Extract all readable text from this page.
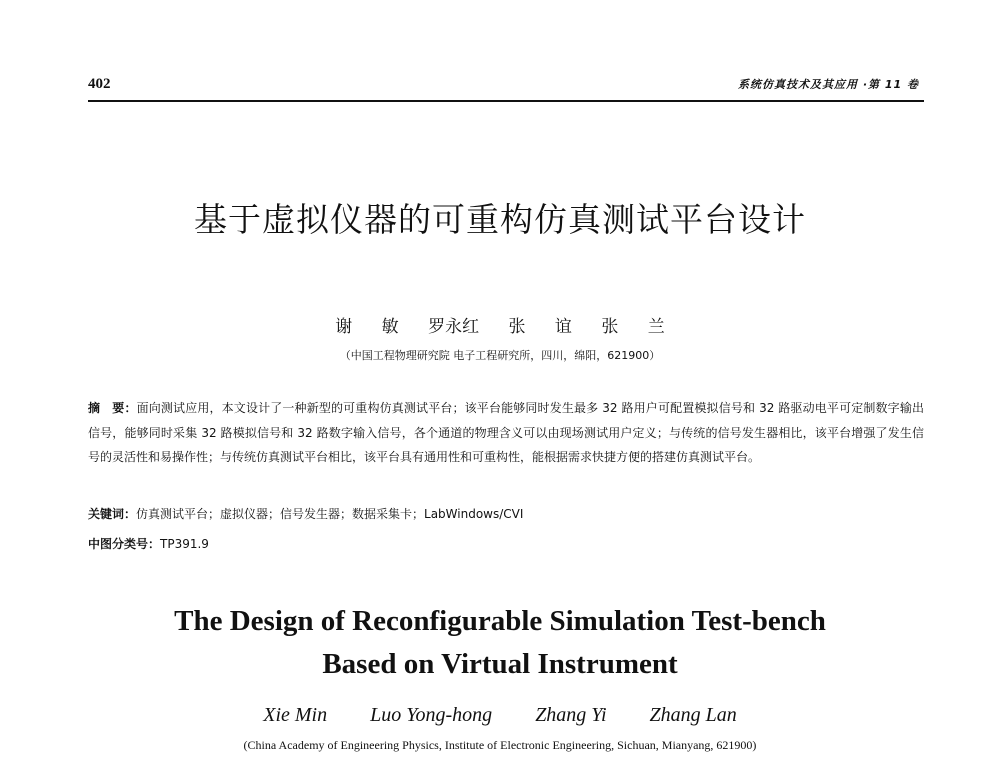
402	系统仿真技术及其应用 ·第 11 卷
基于虚拟仪器的可重构仿真测试平台设计
谢 敏 罗永红 张 谊 张 兰
（中国工程物理研究院 电子工程研究所，四川，绵阳，621900）
摘　要：面向测试应用，本文设计了一种新型的可重构仿真测试平台；该平台能够同时发生最多 32 路用户可配置模拟信号和 32 路驱动电平可定制数字输出信号，能够同时采集 32 路模拟信号和 32 路数字输入信号，各个通道的物理含义可以由现场测试用户定义；与传统的信号发生器相比，该平台增强了发生信号的灵活性和易操作性；与传统仿真测试平台相比，该平台具有通用性和可重构性，能根据需求快捷方便的搭建仿真测试平台。
关键词：仿真测试平台；虚拟仪器；信号发生器；数据采集卡；LabWindows/CVI
中图分类号：TP391.9
The Design of Reconfigurable Simulation Test-bench
Based on Virtual Instrument
Xie Min Luo Yong-hong Zhang Yi Zhang Lan
(China Academy of Engineering Physics, Institute of Electronic Engineering, Sichuan, Mianyang, 621900)
